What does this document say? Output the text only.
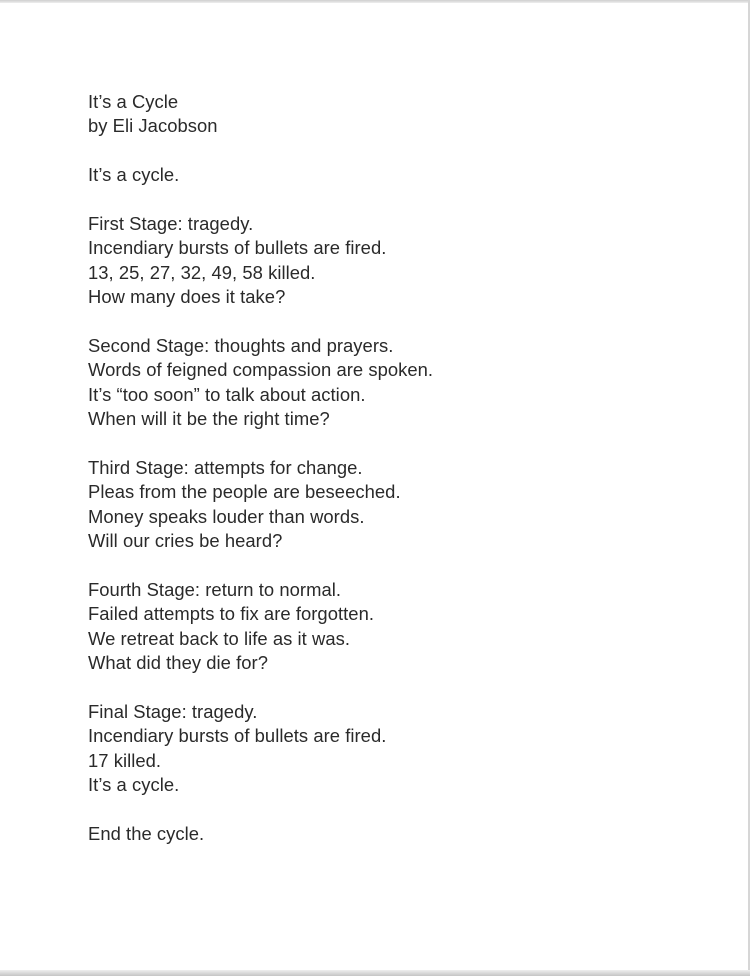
It’s a Cycle
by Eli Jacobson
It’s a cycle.
First Stage: tragedy.
Incendiary bursts of bullets are fired.
13, 25, 27, 32, 49, 58 killed.
How many does it take?
Second Stage: thoughts and prayers.
Words of feigned compassion are spoken.
It’s “too soon” to talk about action.
When will it be the right time?
Third Stage: attempts for change.
Pleas from the people are beseeched.
Money speaks louder than words.
Will our cries be heard?
Fourth Stage: return to normal.
Failed attempts to fix are forgotten.
We retreat back to life as it was.
What did they die for?
Final Stage: tragedy.
Incendiary bursts of bullets are fired.
17 killed.
It’s a cycle.
End the cycle.
